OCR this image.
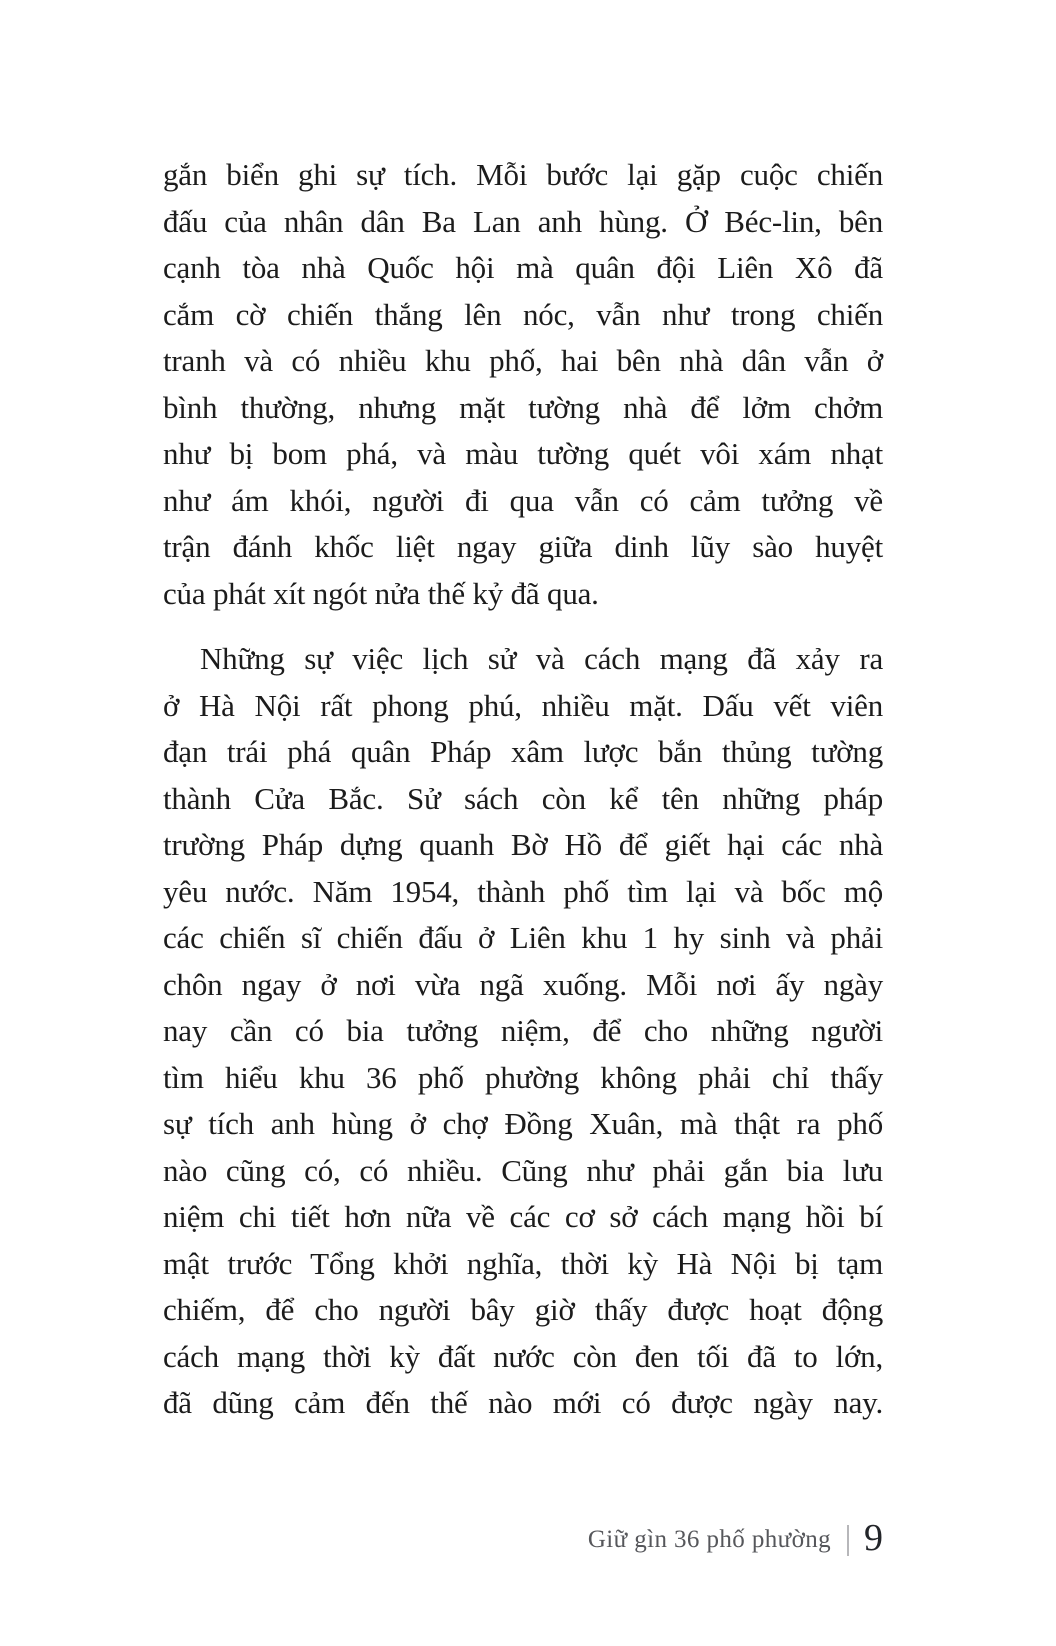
gắn biển ghi sự tích. Mỗi bước lại gặp cuộc chiến
đấu của nhân dân Ba Lan anh hùng. Ở Béc-lin, bên
cạnh tòa nhà Quốc hội mà quân đội Liên Xô đã
cắm cờ chiến thắng lên nóc, vẫn như trong chiến
tranh và có nhiều khu phố, hai bên nhà dân vẫn ở
bình thường, nhưng mặt tường nhà để lởm chởm
như bị bom phá, và màu tường quét vôi xám nhạt
như ám khói, người đi qua vẫn có cảm tưởng về
trận đánh khốc liệt ngay giữa dinh lũy sào huyệt
của phát xít ngót nửa thế kỷ đã qua.
Những sự việc lịch sử và cách mạng đã xảy ra
ở Hà Nội rất phong phú, nhiều mặt. Dấu vết viên
đạn trái phá quân Pháp xâm lược bắn thủng tường
thành Cửa Bắc. Sử sách còn kể tên những pháp
trường Pháp dựng quanh Bờ Hồ để giết hại các nhà
yêu nước. Năm 1954, thành phố tìm lại và bốc mộ
các chiến sĩ chiến đấu ở Liên khu 1 hy sinh và phải
chôn ngay ở nơi vừa ngã xuống. Mỗi nơi ấy ngày
nay cần có bia tưởng niệm, để cho những người
tìm hiểu khu 36 phố phường không phải chỉ thấy
sự tích anh hùng ở chợ Đồng Xuân, mà thật ra phố
nào cũng có, có nhiều. Cũng như phải gắn bia lưu
niệm chi tiết hơn nữa về các cơ sở cách mạng hồi bí
mật trước Tổng khởi nghĩa, thời kỳ Hà Nội bị tạm
chiếm, để cho người bây giờ thấy được hoạt động
cách mạng thời kỳ đất nước còn đen tối đã to lớn,
đã dũng cảm đến thế nào mới có được ngày nay.
Giữ gìn 36 phố phường 9
